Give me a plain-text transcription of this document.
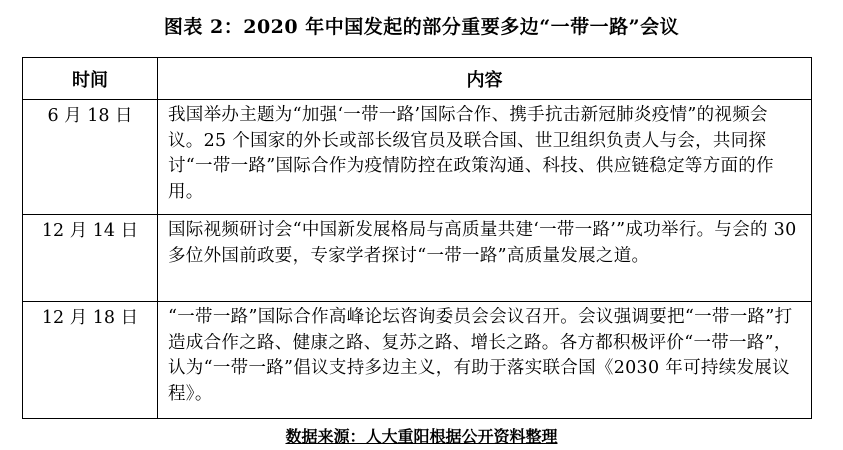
图表 2：2020 年中国发起的部分重要多边“一带一路”会议
时间	内容
6 月 18 日	我国举办主题为“加强‘一带一路’国际合作、携手抗击新冠肺炎疫情”的视频会议。25 个国家的外长或部长级官员及联合国、世卫组织负责人与会，共同探讨“一带一路”国际合作为疫情防控在政策沟通、科技、供应链稳定等方面的作用。
12 月 14 日	国际视频研讨会“中国新发展格局与高质量共建‘一带一路’”成功举行。与会的 30 多位外国前政要，专家学者探讨“一带一路”高质量发展之道。
12 月 18 日	“一带一路”国际合作高峰论坛咨询委员会会议召开。会议强调要把“一带一路”打造成合作之路、健康之路、复苏之路、增长之路。各方都积极评价“一带一路”，认为“一带一路”倡议支持多边主义，有助于落实联合国《2030 年可持续发展议程》。
数据来源：人大重阳根据公开资料整理
